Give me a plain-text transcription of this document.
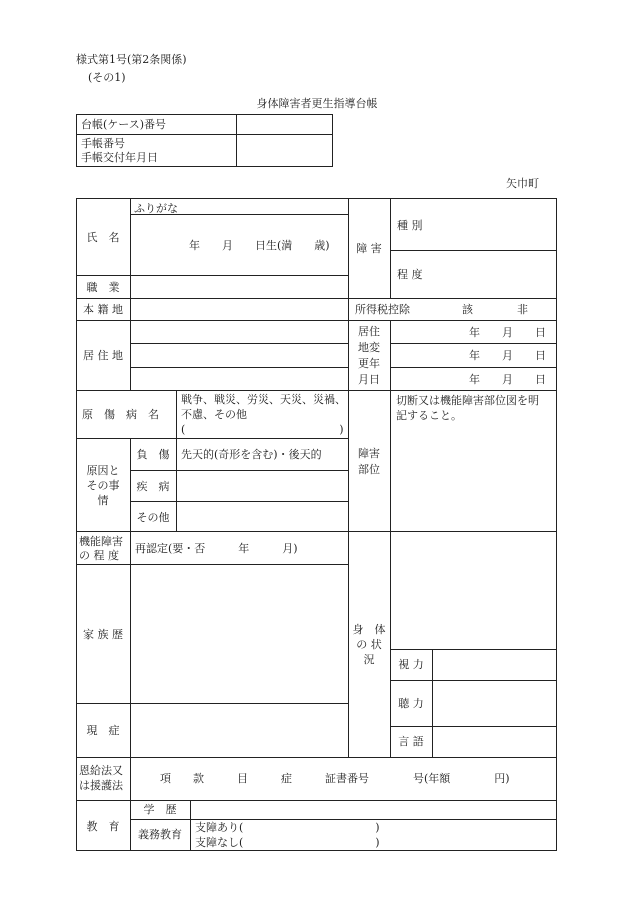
様式第1号(第2条関係)
(その1)
身体障害者更生指導台帳
台帳(ケース)番号
手帳番号
手帳交付年月日
矢巾町
ふりがな
氏　名
年　　月　　日生(満　　歳) 障 害
種 別
程 度
職　業
本 籍 地	所得税控除	該　　　　非
居 住 地
居住
地変
更年
月日
年　　月　　日
年　　月　　日
年　　月　　日
原　傷　病　名
戦争、戦災、労災、天災、災禍、
不慮、その他
(　　　　　　　　　　　　　　)
原因と
その事
情
負　傷 先天的(奇形を含む)・後天的
疾　病
その他
障害
部位
切断又は機能障害部位図を明
記すること。
機能障害
の 程 度
再認定(要・否　　　年　　　月)
家 族 歴
現　症
身　体
の 状
況 視 力
聴 力
言 語
恩給法又
は援護法
項　　款　　　目　　　症　　　証書番号　　　　号(年額　　　　円)
教　育
学　歴
義務教育
支障あり(　　　　　　　　　　　　)
支障なし(　　　　　　　　　　　　)
